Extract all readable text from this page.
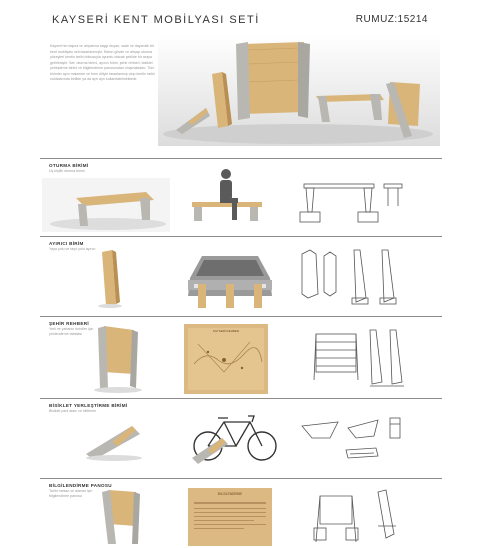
KAYSERİ KENT MOBİLYASI SETİ	RUMUZ:15214
Kayseri'nin taşına ve ahşabına saygı duyan, sade ve dayanıklı bir kent mobilyası seti tasarlanmıştır. Beton gövde ve ahşap oturma yüzeyleri kentin tarihi dokusuyla uyumlu olacak şekilde bir araya getirilmiştir. Set; oturma birimi, ayırıcı birim, şehir rehberi, bisiklet yerleştirme birimi ve bilgilendirme panosundan oluşmaktadır. Tüm birimler aynı malzeme ve form diliyle tasarlanmış olup kentin farklı noktalarında birlikte ya da ayrı ayrı kullanılabilmektedir.
OTURMA BİRİMİ
Üç kişilik oturma birimi
AYIRICI BİRİM
Yaya yolu ve taşıt yolu ayırıcı
ŞEHİR REHBERİ
Yerli ve yabancı turistler için yönlendirme tabelası
KAYSERİ REHBER
BİSİKLET YERLEŞTİRME BİRİMİ
Bisiklet park alanı ve kilitleme
BİLGİLENDİRME PANOSU
Tarihi mekan ve alanlar için bilgilendirme panosu	BİLGİLENDİRME
